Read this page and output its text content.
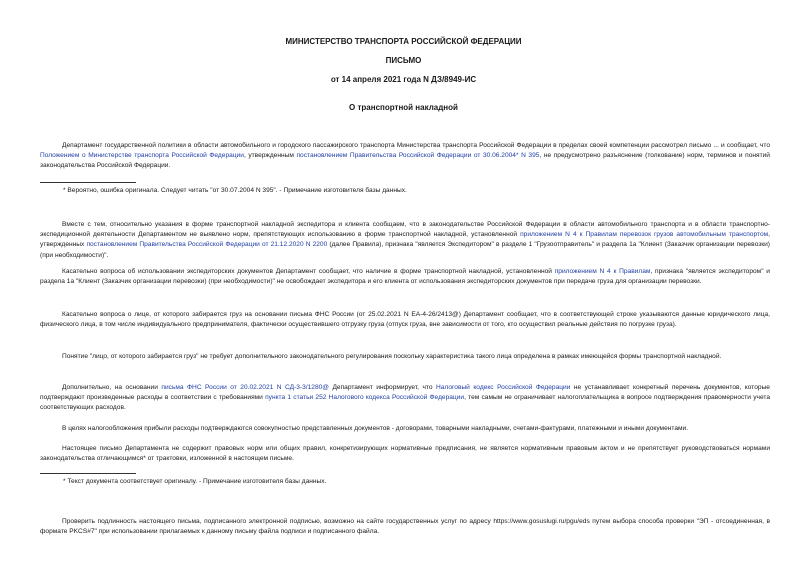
МИНИСТЕРСТВО ТРАНСПОРТА РОССИЙСКОЙ ФЕДЕРАЦИИ
ПИСЬМО
от 14 апреля 2021 года N ДЗ/8949-ИС
О транспортной накладной
Департамент государственной политики в области автомобильного и городского пассажирского транспорта Министерства транспорта Российской Федерации в пределах своей компетенции рассмотрел письмо ... и сообщает, что Положением о Министерстве транспорта Российской Федерации, утвержденным постановлением Правительства Российской Федерации от 30.06.2004* N 395, не предусмотрено разъяснение (толкование) норм, терминов и понятий законодательства Российской Федерации.
* Вероятно, ошибка оригинала. Следует читать "от 30.07.2004 N 395". - Примечание изготовителя базы данных.
Вместе с тем, относительно указания в форме транспортной накладной экспедитора и клиента сообщаем, что в законодательстве Российской Федерации в области автомобильного транспорта и в области транспортно-экспедиционной деятельности Департаментом не выявлено норм, препятствующих использованию в форме транспортной накладной, установленной приложением N 4 к Правилам перевозок грузов автомобильным транспортом, утвержденных постановлением Правительства Российской Федерации от 21.12.2020 N 2200 (далее Правила), признака "является Экспедитором" в разделе 1 "Грузоотправитель" и раздела 1а "Клиент (Заказчик организации перевозки) (при необходимости)".
Касательно вопроса об использовании экспедиторских документов Департамент сообщает, что наличие в форме транспортной накладной, установленной приложением N 4 к Правилам, признака "является экспедитором" и раздела 1а "Клиент (Заказчик организации перевозки) (при необходимости)" не освобождает экспедитора и его клиента от использования экспедиторских документов при передаче груза для организации перевозки.
Касательно вопроса о лице, от которого забирается груз на основании письма ФНС России (от 25.02.2021 N ЕА-4-26/2413@) Департамент сообщает, что в соответствующей строке указываются данные юридического лица, физического лица, в том числе индивидуального предпринимателя, фактически осуществившего отгрузку груза (отпуск груза, вне зависимости от того, кто осуществил реальные действия по погрузке груза).
Понятие "лицо, от которого забирается груз" не требует дополнительного законодательного регулирования поскольку характеристика такого лица определена в рамках имеющейся формы транспортной накладной.
Дополнительно, на основании письма ФНС России от 20.02.2021 N СД-3-3/1280@ Департамент информирует, что Налоговый кодекс Российской Федерации не устанавливает конкретный перечень документов, которые подтверждают произведенные расходы в соответствии с требованиями пункта 1 статьи 252 Налогового кодекса Российской Федерации, тем самым не ограничивает налогоплательщика в вопросе подтверждения правомерности учета соответствующих расходов.
В целях налогообложения прибыли расходы подтверждаются совокупностью представленных документов - договорами, товарными накладными, счетами-фактурами, платежными и иными документами.
Настоящее письмо Департамента не содержит правовых норм или общих правил, конкретизирующих нормативные предписания, не является нормативным правовым актом и не препятствует руководствоваться нормами законодательства отличающимся* от трактовки, изложенной в настоящем письме.
* Текст документа соответствует оригиналу. - Примечание изготовителя базы данных.
Проверить подлинность настоящего письма, подписанного электронной подписью, возможно на сайте государственных услуг по адресу https://www.gosuslugi.ru/pgu/eds путем выбора способа проверки "ЭП - отсоединенная, в формате PKCS#7" при использовании прилагаемых к данному письму файла подписи и подписанного файла.
